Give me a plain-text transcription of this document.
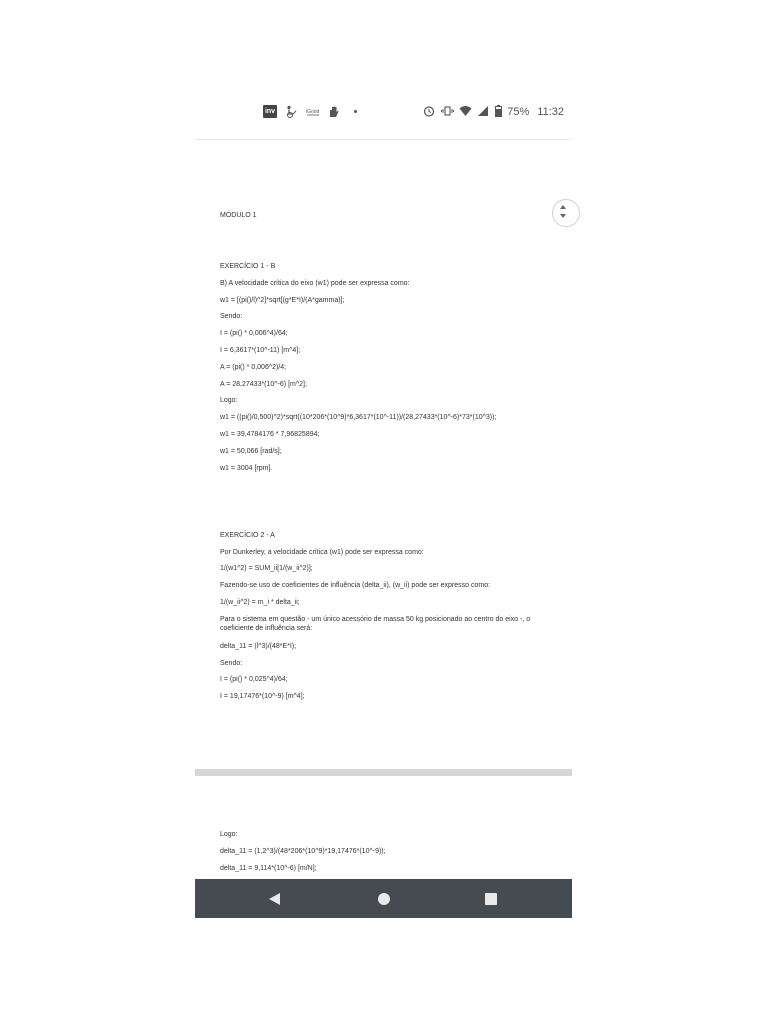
inv	iGood	75% 11:32
MÓDULO 1
EXERCÍCIO 1 - B
B) A velocidade crítica do eixo (w1) pode ser expressa como:
w1 = [(pi()/l)^2]*sqrt[(g*E*I)/(A*gamma)];
Sendo:
I = (pi() * 0,006^4)/64;
I = 6,3617*(10^-11) [m^4];
A = (pi() * 0,006^2)/4;
A = 28,27433*(10^-6) [m^2];
Logo:
w1 = ((pi()/0,500)^2)*sqrt((10*206*(10^9)*6,3617*(10^-11))/(28,27433*(10^-6)*73*(10^3));
w1 = 39,4784176 * 7,96825894;
w1 = 50,066 [rad/s];
w1 = 3004 [rpm].
EXERCÍCIO 2 - A
Por Dunkerley, a velocidade crítica (w1) pode ser expressa como:
1/(w1^2) = SUM_ii[1/(w_ii^2)];
Fazendo-se uso de coeficientes de influência (delta_ii), (w_ii) pode ser expresso como:
1/(w_ii^2) = m_i * delta_ii;
Para o sistema em questão - um único acessório de massa 50 kg posicionado ao centro do eixo -, o coeficiente de influência será:
delta_11 = (l^3)/(48*E*I);
Sendo:
I = (pi() * 0,025^4)/64;
I = 19,17476*(10^-9) [m^4];
Logo:
delta_11 = (1,2^3)/(48*206*(10^9)*19,17476*(10^-9));
delta_11 = 9,114*(10^-6) [m/N];
